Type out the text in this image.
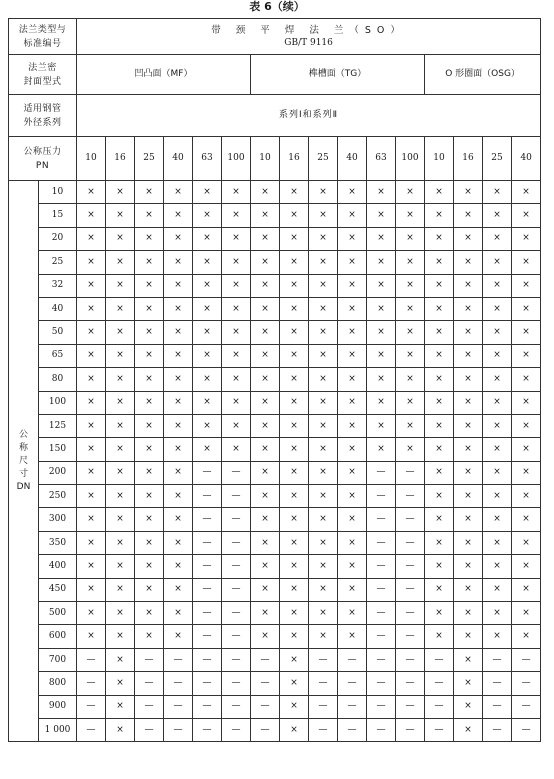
表 6（续）
法兰类型与
标准编号		带 颈 平 焊 法 兰（SO）
GB/T 9116															

法兰密
封面型式		凹凸面（MF）						榫槽面（TG）						O 形圈面（OSG）			

适用钢管
外径系列		系列Ⅰ和系列Ⅱ															

公称压力
PN		10	16	25	40	63	100	10	16	25	40	63	100	10	16	25	40

公
称
尺
寸
DN	10	×	×	×	×	×	×	×	×	×	×	×	×	×	×	×	×
	15	×	×	×	×	×	×	×	×	×	×	×	×	×	×	×	×
	20	×	×	×	×	×	×	×	×	×	×	×	×	×	×	×	×
	25	×	×	×	×	×	×	×	×	×	×	×	×	×	×	×	×
	32	×	×	×	×	×	×	×	×	×	×	×	×	×	×	×	×
	40	×	×	×	×	×	×	×	×	×	×	×	×	×	×	×	×
	50	×	×	×	×	×	×	×	×	×	×	×	×	×	×	×	×
	65	×	×	×	×	×	×	×	×	×	×	×	×	×	×	×	×
	80	×	×	×	×	×	×	×	×	×	×	×	×	×	×	×	×
	100	×	×	×	×	×	×	×	×	×	×	×	×	×	×	×	×
	125	×	×	×	×	×	×	×	×	×	×	×	×	×	×	×	×
	150	×	×	×	×	×	×	×	×	×	×	×	×	×	×	×	×
	200	×	×	×	×	—	—	×	×	×	×	—	—	×	×	×	×
	250	×	×	×	×	—	—	×	×	×	×	—	—	×	×	×	×
	300	×	×	×	×	—	—	×	×	×	×	—	—	×	×	×	×
	350	×	×	×	×	—	—	×	×	×	×	—	—	×	×	×	×
	400	×	×	×	×	—	—	×	×	×	×	—	—	×	×	×	×
	450	×	×	×	×	—	—	×	×	×	×	—	—	×	×	×	×
	500	×	×	×	×	—	—	×	×	×	×	—	—	×	×	×	×
	600	×	×	×	×	—	—	×	×	×	×	—	—	×	×	×	×
	700	—	×	—	—	—	—	—	×	—	—	—	—	—	×	—	—
	800	—	×	—	—	—	—	—	×	—	—	—	—	—	×	—	—
	900	—	×	—	—	—	—	—	×	—	—	—	—	—	×	—	—
	1 000	—	×	—	—	—	—	—	×	—	—	—	—	—	×	—	—
